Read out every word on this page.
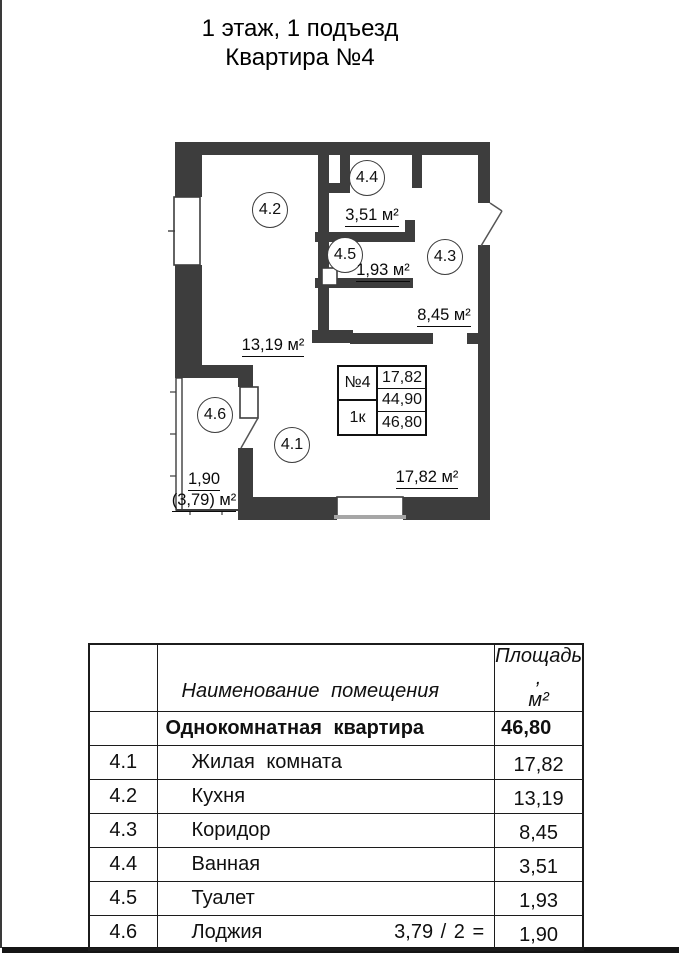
1 этаж, 1 подъезд
Квартира №4
4.2
4.4
4.5	4.3
4.1
4.6
3,51 м²
1,93 м²
8,45 м²
13,19 м²
17,82 м²
1,90
(3,79) м²
№4
1к
17,82
44,90
46,80
	Наименование помещения	Площадь ,
м²

	Однокомнатная квартира	46,80
4.1	Жилая комната	17,82
4.2	Кухня	13,19
4.3	Коридор	8,45
4.4	Ванная	3,51
4.5	Туалет	1,93
4.6	Лоджия 3,79 / 2 =	1,90
